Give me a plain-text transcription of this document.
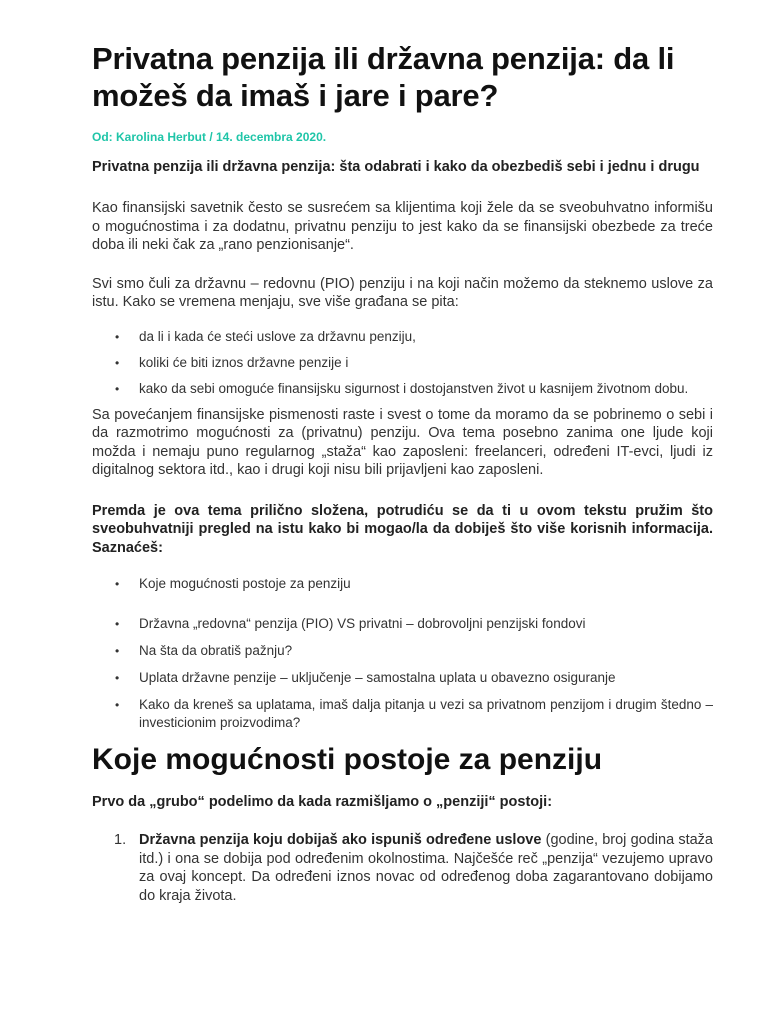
Privatna penzija ili državna penzija: da li možeš da imaš i jare i pare?
Od: Karolina Herbut / 14. decembra 2020.
Privatna penzija ili državna penzija: šta odabrati i kako da obezbediš sebi i jednu i drugu

Kao finansijski savetnik često se susrećem sa klijentima koji žele da se sveobuhvatno informišu o mogućnostima i za dodatnu, privatnu penziju to jest kako da se finansijski obezbede za treće doba ili neki čak za „rano penzionisanje“.

Svi smo čuli za državnu – redovnu (PIO) penziju i na koji način možemo da steknemo uslove za istu. Kako se vremena menjaju, sve više građana se pita:

• da li i kada će steći uslove za državnu penziju,
• koliki će biti iznos državne penzije i
• kako da sebi omoguće finansijsku sigurnost i dostojanstven život u kasnijem životnom dobu.

Sa povećanjem finansijske pismenosti raste i svest o tome da moramo da se pobrinemo o sebi i da razmotrimo mogućnosti za (privatnu) penziju. Ova tema posebno zanima one ljude koji možda i nemaju puno regularnog „staža“ kao zaposleni: freelanceri, određeni IT-evci, ljudi iz digitalnog sektora itd., kao i drugi koji nisu bili prijavljeni kao zaposleni.

Premda je ova tema prilično složena, potrudiću se da ti u ovom tekstu pružim što sveobuhvatniji pregled na istu kako bi mogao/la da dobiješ što više korisnih informacija. Saznaćeš:
• Koje mogućnosti postoje za penziju
• Državna „redovna“ penzija (PIO) VS privatni – dobrovoljni penzijski fondovi
• Na šta da obratiš pažnju?
• Uplata državne penzije – uključenje – samostalna uplata u obavezno osiguranje
• Kako da kreneš sa uplatama, imaš dalja pitanja u vezi sa privatnom penzijom i drugim štedno – investicionim proizvodima?
Koje mogućnosti postoje za penziju
Prvo da „grubo“ podelimo da kada razmišljamo o „penziji“ postoji:
1. Državna penzija koju dobijaš ako ispuniš određene uslove (godine, broj godina staža itd.) i ona se dobija pod određenim okolnostima. Najčešće reč „penzija“ vezujemo upravo za ovaj koncept. Da određeni iznos novac od određenog doba zagarantovano dobijamo do kraja života.
